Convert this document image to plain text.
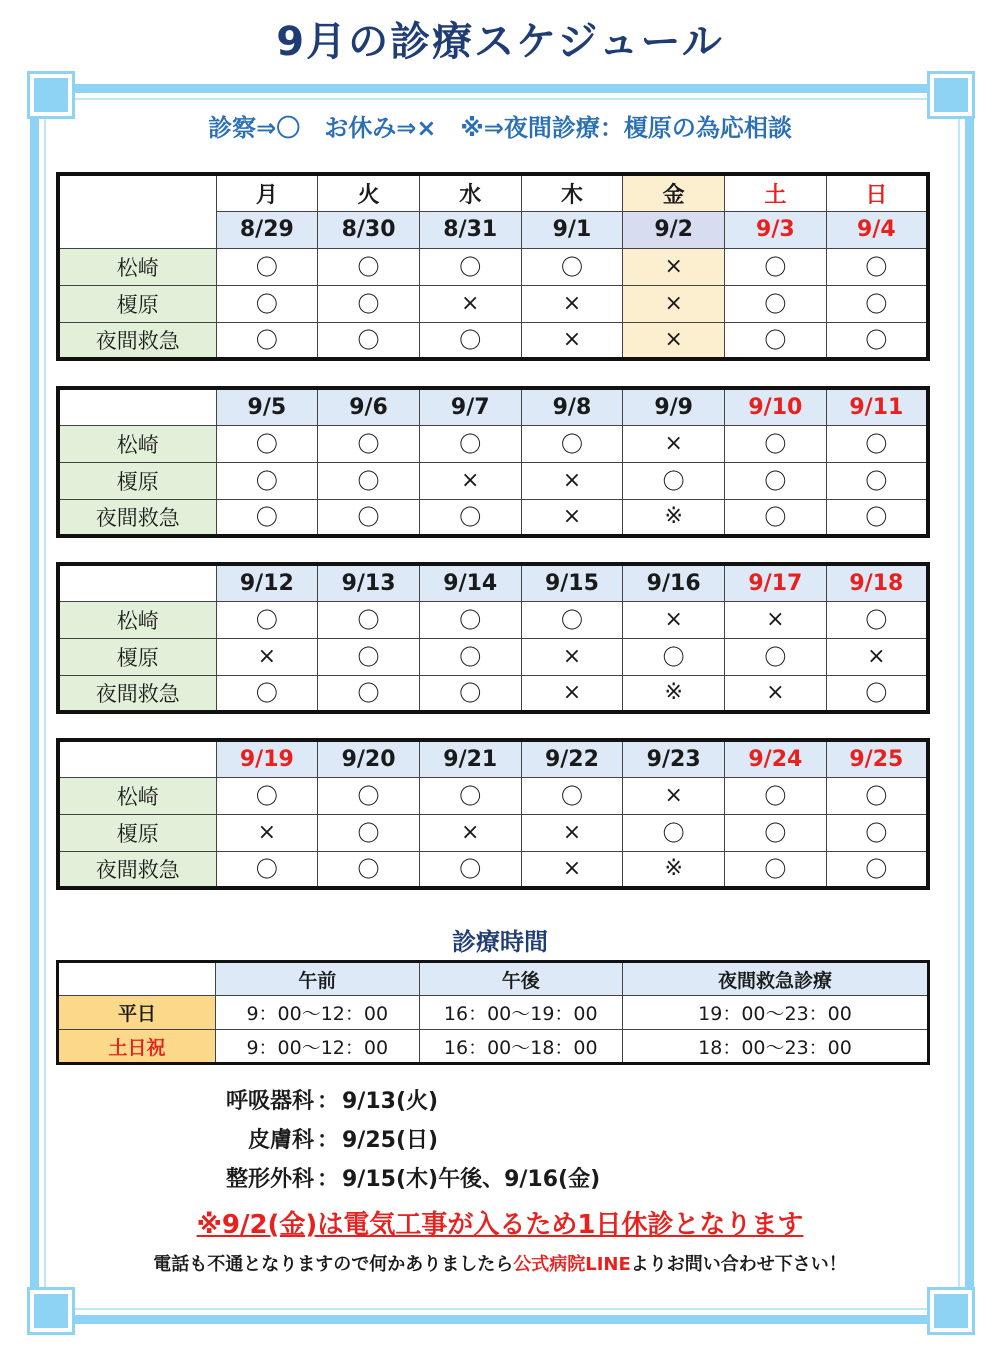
9月の診療スケジュール
診察⇒〇　お休み⇒×　※⇒夜間診療：榎原の為応相談
	月	火	水	木	金	土	日
	8/29	8/30	8/31	9/1	9/2	9/3	9/4
松崎	〇	〇	〇	〇	×	〇	〇
榎原	〇	〇	×	×	×	〇	〇
夜間救急	〇	〇	〇	×	×	〇	〇
	9/5	9/6	9/7	9/8	9/9	9/10	9/11
松崎	〇	〇	〇	〇	×	〇	〇
榎原	〇	〇	×	×	〇	〇	〇
夜間救急	〇	〇	〇	×	※	〇	〇
	9/12	9/13	9/14	9/15	9/16	9/17	9/18
松崎	〇	〇	〇	〇	×	×	〇
榎原	×	〇	〇	×	〇	〇	×
夜間救急	〇	〇	〇	×	※	×	〇
	9/19	9/20	9/21	9/22	9/23	9/24	9/25
松崎	〇	〇	〇	〇	×	〇	〇
榎原	×	〇	×	×	〇	〇	〇
夜間救急	〇	〇	〇	×	※	〇	〇
診療時間
	午前	午後	夜間救急診療
平日	9：00～12：00	16：00～19：00	19：00～23：00
土日祝	9：00～12：00	16：00～18：00	18：00～23：00
呼吸器科 ： 9/13(火)
皮膚科 ： 9/25(日)
整形外科 ： 9/15(木)午後、9/16(金)
※9/2(金)は電気工事が入るため1日休診となります
電話も不通となりますので何かありましたら公式病院LINEよりお問い合わせ下さい！
